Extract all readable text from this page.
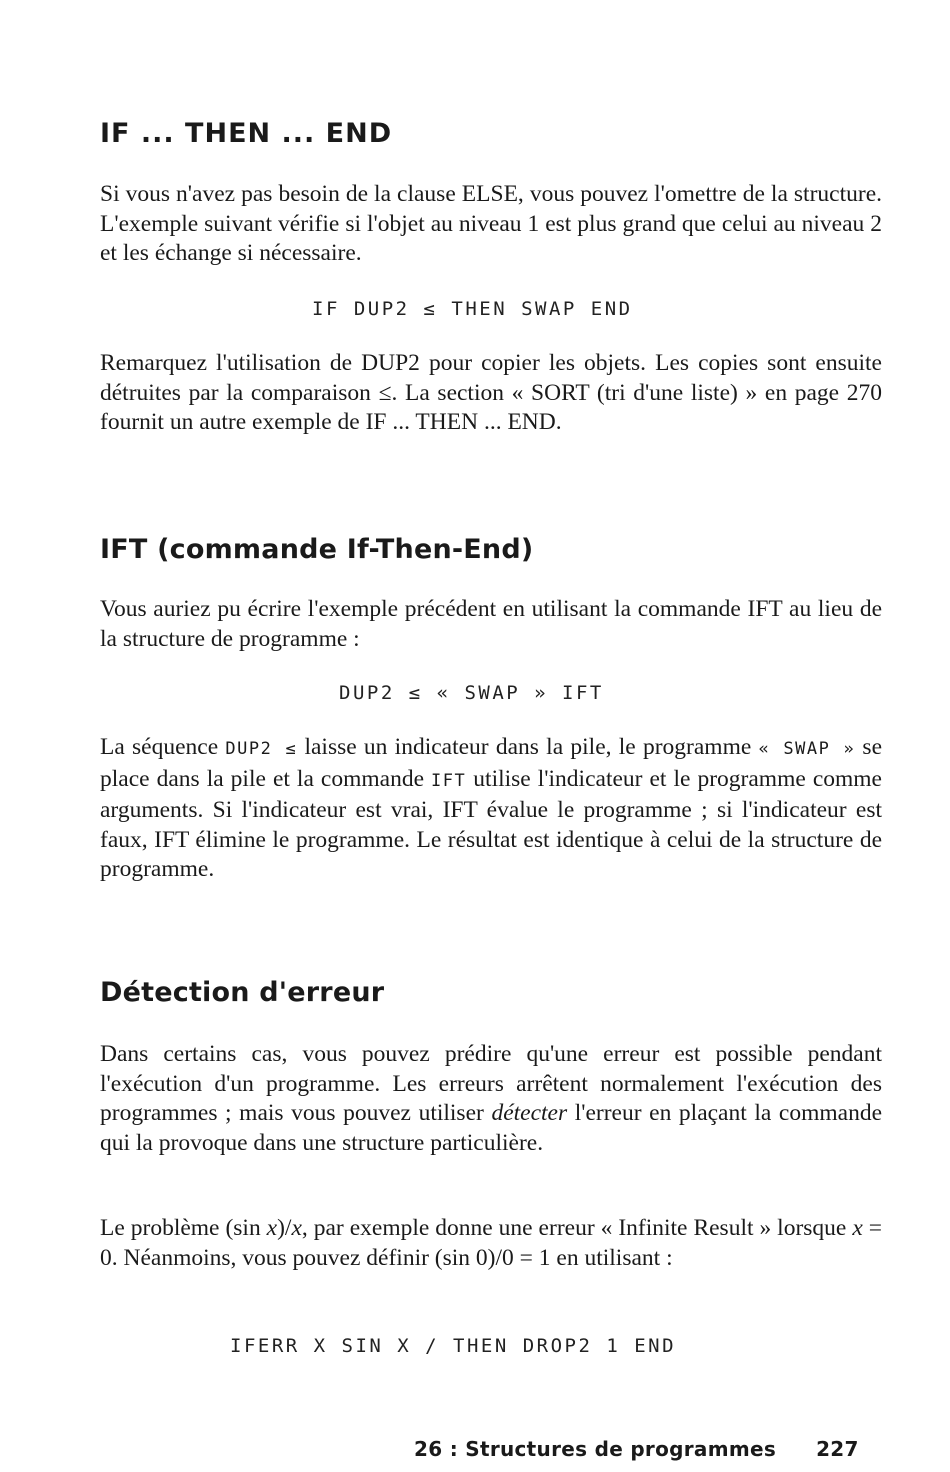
IF ... THEN ... END

Si vous n'avez pas besoin de la clause ELSE, vous pouvez l'omettre de la structure. L'exemple suivant vérifie si l'objet au niveau 1 est plus grand que celui au niveau 2 et les échange si nécessaire.

IF DUP2 ≤ THEN SWAP END

Remarquez l'utilisation de DUP2 pour copier les objets. Les copies sont ensuite détruites par la comparaison ≤. La section « SORT (tri d'une liste) » en page 270 fournit un autre exemple de IF ... THEN ... END.

IFT (commande If-Then-End)

Vous auriez pu écrire l'exemple précédent en utilisant la commande IFT au lieu de la structure de programme :

DUP2 ≤ « SWAP » IFT

La séquence DUP2 ≤ laisse un indicateur dans la pile, le programme « SWAP » se place dans la pile et la commande IFT utilise l'indicateur et le programme comme arguments. Si l'indicateur est vrai, IFT évalue le programme ; si l'indicateur est faux, IFT élimine le programme. Le résultat est identique à celui de la structure de programme.

Détection d'erreur

Dans certains cas, vous pouvez prédire qu'une erreur est possible pendant l'exécution d'un programme. Les erreurs arrêtent normalement l'exécution des programmes ; mais vous pouvez utiliser détecter l'erreur en plaçant la commande qui la provoque dans une structure particulière.

Le problème (sin x)/x, par exemple donne une erreur « Infinite Result » lorsque x = 0. Néanmoins, vous pouvez définir (sin 0)/0 = 1 en utilisant :

IFERR X SIN X / THEN DROP2 1 END
26 : Structures de programmes 227
